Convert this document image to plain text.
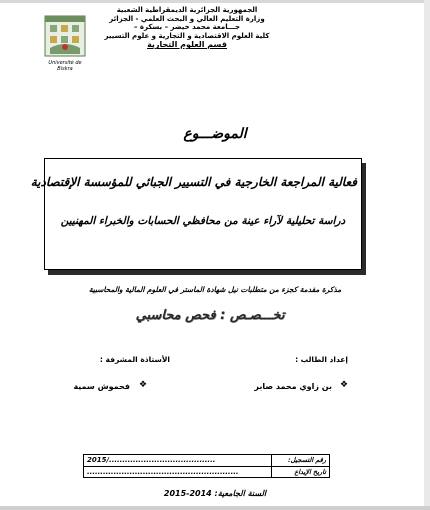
الجمهورية الجزائرية الديمقراطية الشعبية
وزارة التعليم العالي و البحث العلمي - الجزائر
جـــامعة محمد خيضر – بسكرة –
كلية العلوم الاقتصادية و التجارية و علوم التسيير
قسم العلوم التجارية
Université de Biskra
الموضـــوع
فعالية المراجعة الخارجية في التسيير الجبائي للمؤسسة الإقتصادية
دراسة تحليلية لآراء عينة من محافظي الحسابات والخبراء المهنيين
مذكرة مقدمة كجزء من متطلبات نيل شهادة الماستر في العلوم المالية والمحاسبية
تخـــصـص : فحص محاسبي
إعداد الطالب :
الأستاذة المشرفة :
❖
بن زاوي محمد صابر
❖
فحموش سمية
2015/........................................	رقم التسجيل:
.........................................................	تاريخ الإيداع
السنة الجامعية: 2014-2015
